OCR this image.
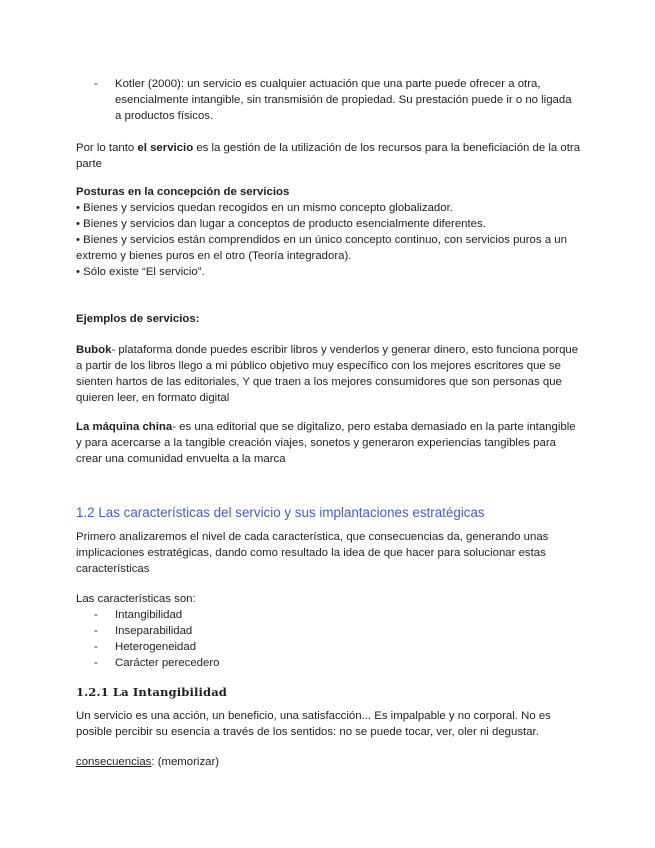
- Kotler (2000): un servicio es cualquier actuación que una parte puede ofrecer a otra, esencialmente intangible, sin transmisión de propiedad. Su prestación puede ir o no ligada a productos físicos.

Por lo tanto el servicio es la gestión de la utilización de los recursos para la beneficiación de la otra parte

Posturas en la concepción de servicios

• Bienes y servicios quedan recogidos en un mismo concepto globalizador.

• Bienes y servicios dan lugar a conceptos de producto esencialmente diferentes.

• Bienes y servicios están comprendidos en un único concepto continuo, con servicios puros a un extremo y bienes puros en el otro (Teoría integradora).

• Sólo existe “El servicio”.

Ejemplos de servicios:

Bubok- plataforma donde puedes escribir libros y venderlos y generar dinero, esto funciona porque a partir de los libros llego a mi público objetivo muy específico con los mejores escritores que se sienten hartos de las editoriales, Y que traen a los mejores consumidores que son personas que quieren leer, en formato digital

La máquina china- es una editorial que se digitalizo, pero estaba demasiado en la parte intangible y para acercarse a la tangible creación viajes, sonetos y generaron experiencias tangibles para crear una comunidad envuelta a la marca

1.2 Las características del servicio y sus implantaciones estratégicas

Primero analizaremos el nivel de cada característica, que consecuencias da, generando unas implicaciones estratégicas, dando como resultado la idea de que hacer para solucionar estas características

Las características son:

- Intangibilidad

- Inseparabilidad

- Heterogeneidad

- Carácter perecedero

1.2.1 La Intangibilidad

Un servicio es una acción, un beneficio, una satisfacción... Es impalpable y no corporal. No es posible percibir su esencia a través de los sentidos: no se puede tocar, ver, oler ni degustar.

consecuencias: (memorizar)
